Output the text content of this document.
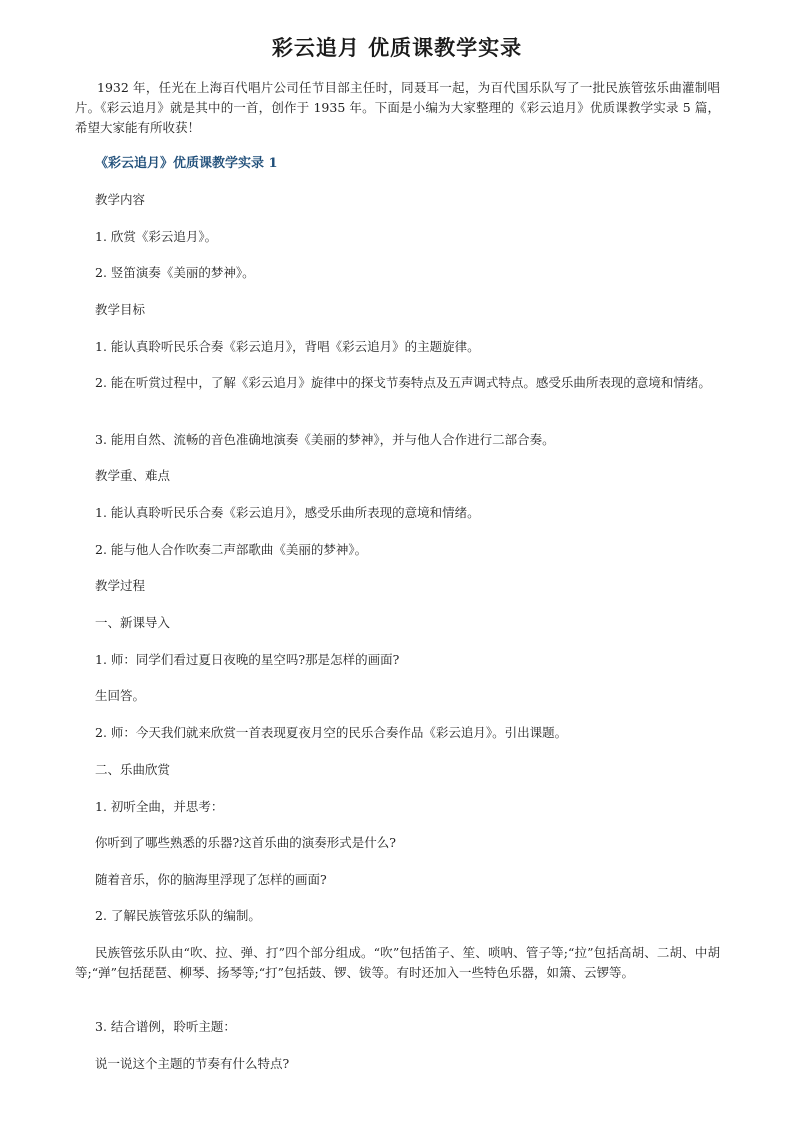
彩云追月 优质课教学实录

1932 年，任光在上海百代唱片公司任节目部主任时，同聂耳一起，为百代国乐队写了一批民族管弦乐曲灌制唱片。《彩云追月》就是其中的一首，创作于 1935 年。下面是小编为大家整理的《彩云追月》优质课教学实录 5 篇，希望大家能有所收获！

《彩云追月》优质课教学实录 1

教学内容

1. 欣赏《彩云追月》。

2. 竖笛演奏《美丽的梦神》。

教学目标

1. 能认真聆听民乐合奏《彩云追月》，背唱《彩云追月》的主题旋律。

2. 能在听赏过程中，了解《彩云追月》旋律中的探戈节奏特点及五声调式特点。感受乐曲所表现的意境和情绪。

3. 能用自然、流畅的音色准确地演奏《美丽的梦神》，并与他人合作进行二部合奏。

教学重、难点

1. 能认真聆听民乐合奏《彩云追月》，感受乐曲所表现的意境和情绪。

2. 能与他人合作吹奏二声部歌曲《美丽的梦神》。

教学过程

一、新课导入

1. 师：同学们看过夏日夜晚的星空吗?那是怎样的画面?

生回答。

2. 师：今天我们就来欣赏一首表现夏夜月空的民乐合奏作品《彩云追月》。引出课题。

二、乐曲欣赏

1. 初听全曲，并思考：

你听到了哪些熟悉的乐器?这首乐曲的演奏形式是什么?

随着音乐，你的脑海里浮现了怎样的画面?

2. 了解民族管弦乐队的编制。

民族管弦乐队由“吹、拉、弹、打”四个部分组成。“吹”包括笛子、笙、唢呐、管子等;“拉”包括高胡、二胡、中胡等;“弹”包括琵琶、柳琴、扬琴等;“打”包括鼓、锣、钹等。有时还加入一些特色乐器，如箫、云锣等。

3. 结合谱例，聆听主题：

说一说这个主题的节奏有什么特点?
